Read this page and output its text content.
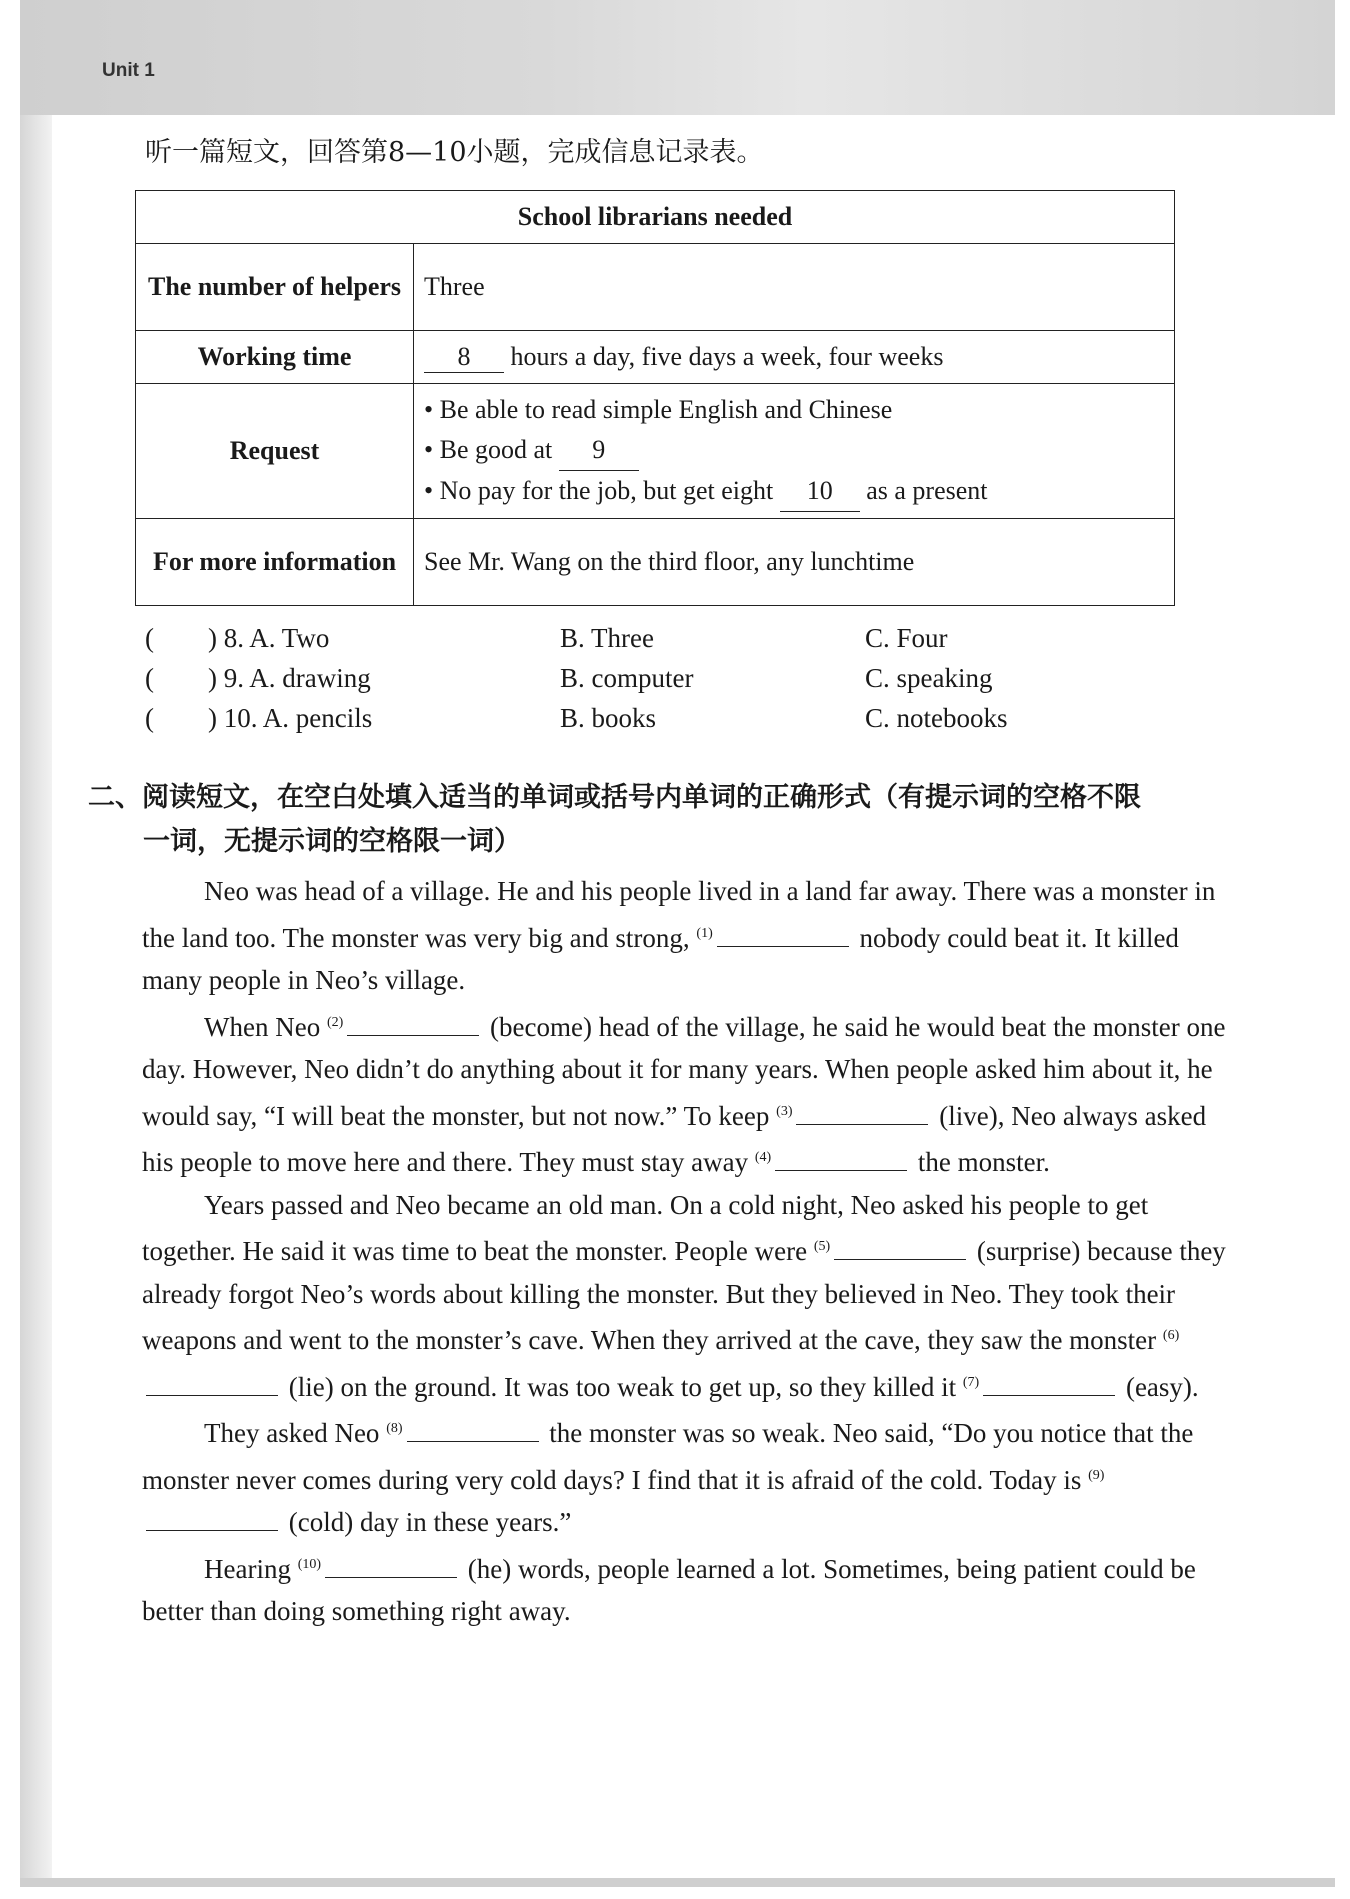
Unit 1
听一篇短文，回答第8—10小题，完成信息记录表。
School librarians needed	
The number of helpers	Three
Working time	8 hours a day, five days a week, four weeks
Request	• Be able to read simple English and Chinese
• Be good at 9
• No pay for the job, but get eight 10 as a present

For more information	See Mr. Wang on the third floor, any lunchtime
(　　) 8. A. Two	B. Three	C. Four
(　　) 9. A. drawing	B. computer	C. speaking
(　　) 10. A. pencils	B. books	C. notebooks
二、阅读短文，在空白处填入适当的单词或括号内单词的正确形式（有提示词的空格不限
一词，无提示词的空格限一词）

Neo was head of a village. He and his people lived in a land far away. There was a monster in the land too. The monster was very big and strong, $^{(1)}$	nobody could beat it. It killed many people in Neo’s village.

When Neo $^{(2)}$	(become) head of the village, he said he would beat the monster one day. However, Neo didn’t do anything about it for many years. When people asked him about it, he would say, “I will beat the monster, but not now.” To keep $^{(3)}$	(live), Neo always asked his people to move here and there. They must stay away $^{(4)}$	the monster.

Years passed and Neo became an old man. On a cold night, Neo asked his people to get together. He said it was time to beat the monster. People were $^{(5)}$	(surprise) because they already forgot Neo’s words about killing the monster. But they believed in Neo. They took their weapons and went to the monster’s cave. When they arrived at the cave, they saw the monster $^{(6)}$ (lie) on the ground. It was too weak to get up, so they killed it $^{(7)}$	(easy).

They asked Neo $^{(8)}$	the monster was so weak. Neo said, “Do you notice that the monster never comes during very cold days? I find that it is afraid of the cold. Today is $^{(9)}$ (cold) day in these years.”

Hearing $^{(10)}$	(he) words, people learned a lot. Sometimes, being patient could be better than doing something right away.
